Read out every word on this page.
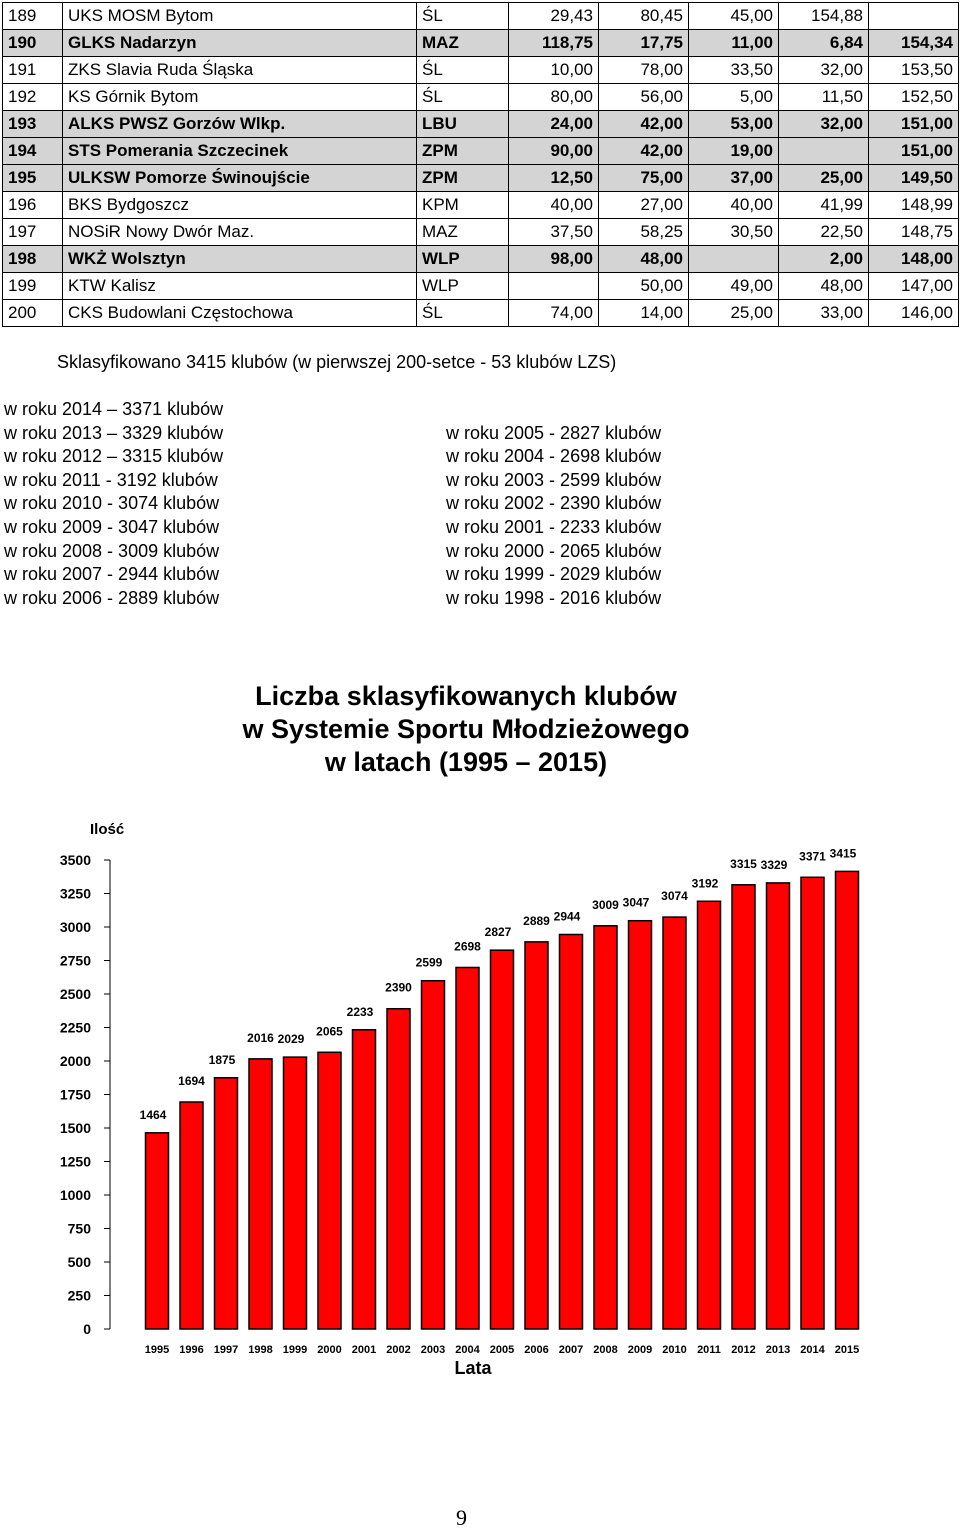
189	UKS MOSM Bytom	ŚL	29,43	80,45	45,00	154,88	
190	GLKS Nadarzyn	MAZ	118,75	17,75	11,00	6,84	154,34
191	ZKS Slavia Ruda Śląska	ŚL	10,00	78,00	33,50	32,00	153,50
192	KS Górnik Bytom	ŚL	80,00	56,00	5,00	11,50	152,50
193	ALKS PWSZ Gorzów Wlkp.	LBU	24,00	42,00	53,00	32,00	151,00
194	STS Pomerania Szczecinek	ZPM	90,00	42,00	19,00		151,00
195	ULKSW Pomorze Świnoujście	ZPM	12,50	75,00	37,00	25,00	149,50
196	BKS Bydgoszcz	KPM	40,00	27,00	40,00	41,99	148,99
197	NOSiR Nowy Dwór Maz.	MAZ	37,50	58,25	30,50	22,50	148,75
198	WKŻ Wolsztyn	WLP	98,00	48,00		2,00	148,00
199	KTW Kalisz	WLP		50,00	49,00	48,00	147,00
200	CKS Budowlani Częstochowa	ŚL	74,00	14,00	25,00	33,00	146,00
Sklasyfikowano 3415 klubów (w pierwszej 200-setce - 53 klubów LZS)
w roku 2014 – 3371 klubów
w roku 2013 – 3329 klubów
w roku 2012 – 3315 klubów
w roku 2011 - 3192 klubów
w roku 2010 - 3074 klubów
w roku 2009 - 3047 klubów
w roku 2008 - 3009 klubów
w roku 2007 - 2944 klubów
w roku 2006 - 2889 klubów
w roku 2005 - 2827 klubów
w roku 2004 - 2698 klubów
w roku 2003 - 2599 klubów
w roku 2002 - 2390 klubów
w roku 2001 - 2233 klubów
w roku 2000 - 2065 klubów
w roku 1999 - 2029 klubów
w roku 1998 - 2016 klubów
Liczba sklasyfikowanych klubów
w Systemie Sportu Młodzieżowego
w latach (1995 – 2015)
Ilość
0
250
500
750
1000
1250
1500
1750
2000
2250
2500
2750
3000
3250
3500
1464
1995
1694
1996
1875
1997
2016
1998
2029
1999
2065
2000
2233
2001
2390
2002
2599
2003
2698
2004
2827
2005
2889
2006
2944
2007
3009
2008
3047
2009
3074
2010
3192
2011
3315
2012
3329
2013
3371
2014
3415
2015
Lata
9
